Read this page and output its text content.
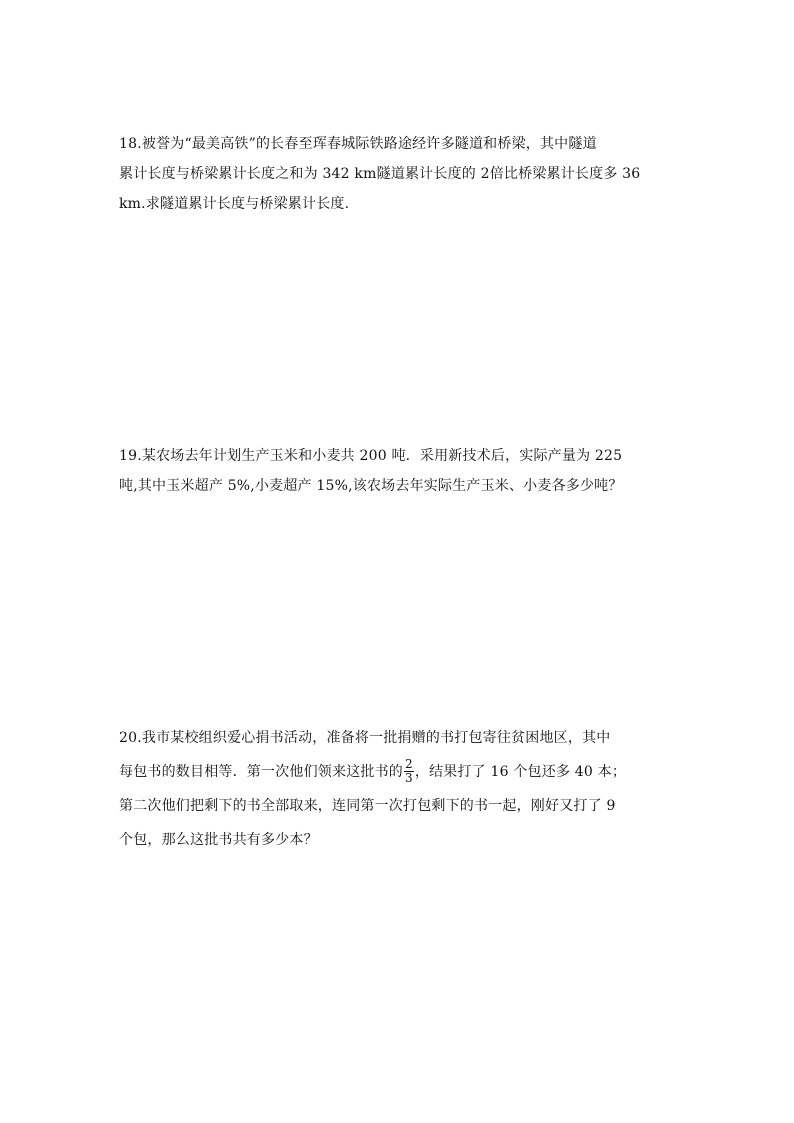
18.被誉为“最美高铁”的长春至珲春城际铁路途经许多隧道和桥梁，其中隧道
累计长度与桥梁累计长度之和为 342 km隧道累计长度的 2倍比桥梁累计长度多 36
km.求隧道累计长度与桥梁累计长度.
19.某农场去年计划生产玉米和小麦共 200 吨．采用新技术后，实际产量为 225
吨,其中玉米超产 5%,小麦超产 15%,该农场去年实际生产玉米、小麦各多少吨？
20.我市某校组织爱心捐书活动，准备将一批捐赠的书打包寄往贫困地区，其中
每包书的数目相等．第一次他们领来这批书的 $\frac{2}{3}$ ，结果打了 16 个包还多 40 本；
第二次他们把剩下的书全部取来，连同第一次打包剩下的书一起，刚好又打了 9
个包，那么这批书共有多少本？
